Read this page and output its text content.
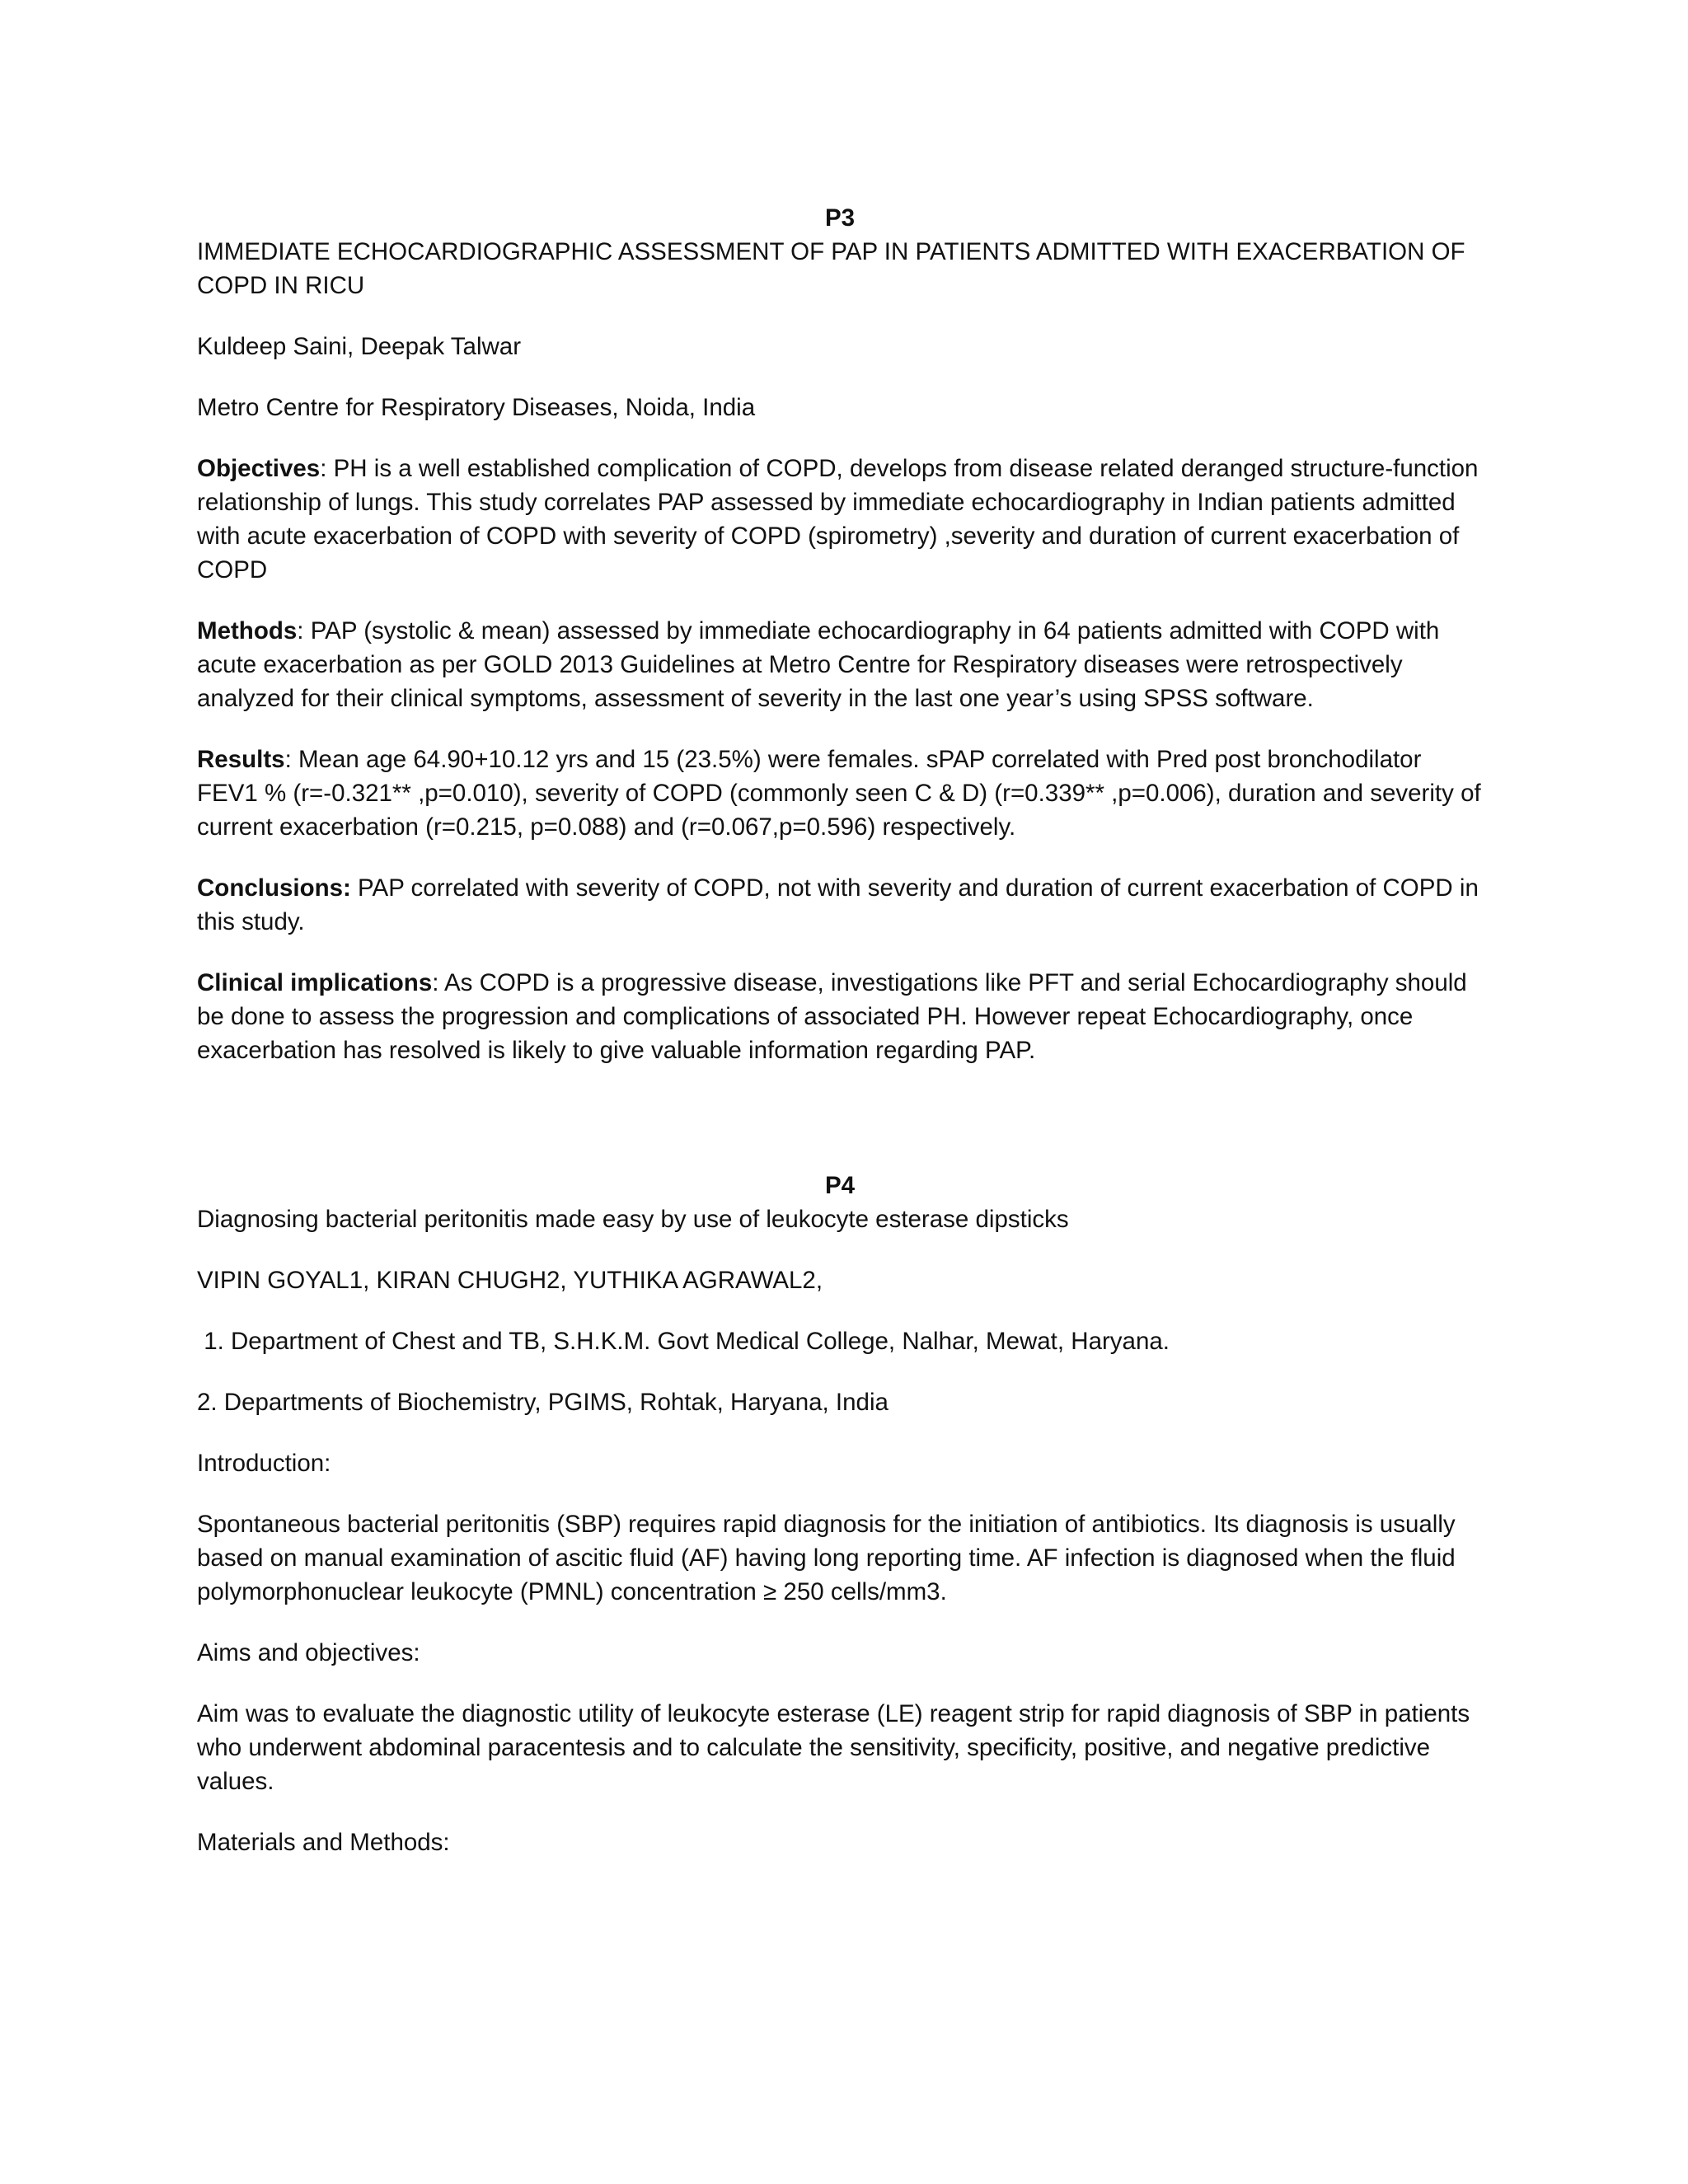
P3

IMMEDIATE ECHOCARDIOGRAPHIC ASSESSMENT OF PAP IN PATIENTS ADMITTED WITH EXACERBATION OF COPD IN RICU

Kuldeep Saini, Deepak Talwar

Metro Centre for Respiratory Diseases, Noida, India

Objectives: PH is a well established complication of COPD, develops from disease related deranged structure-function relationship of lungs. This study correlates PAP assessed by immediate echocardiography in Indian patients admitted with acute exacerbation of COPD with severity of COPD (spirometry) ,severity and duration of current exacerbation of COPD

Methods: PAP (systolic & mean) assessed by immediate echocardiography in 64 patients admitted with COPD with acute exacerbation as per GOLD 2013 Guidelines at Metro Centre for Respiratory diseases were retrospectively analyzed for their clinical symptoms, assessment of severity in the last one year’s using SPSS software.

Results: Mean age 64.90+10.12 yrs and 15 (23.5%) were females. sPAP correlated with Pred post bronchodilator FEV1 % (r=-0.321** ,p=0.010), severity of COPD (commonly seen C & D) (r=0.339** ,p=0.006), duration and severity of current exacerbation (r=0.215, p=0.088) and (r=0.067,p=0.596) respectively.

Conclusions: PAP correlated with severity of COPD, not with severity and duration of current exacerbation of COPD in this study.

Clinical implications: As COPD is a progressive disease, investigations like PFT and serial Echocardiography should be done to assess the progression and complications of associated PH. However repeat Echocardiography, once exacerbation has resolved is likely to give valuable information regarding PAP.

P4

Diagnosing bacterial peritonitis made easy by use of leukocyte esterase dipsticks

VIPIN GOYAL1, KIRAN CHUGH2, YUTHIKA AGRAWAL2,

1. Department of Chest and TB, S.H.K.M. Govt Medical College, Nalhar, Mewat, Haryana.

2. Departments of Biochemistry, PGIMS, Rohtak, Haryana, India

Introduction:

Spontaneous bacterial peritonitis (SBP) requires rapid diagnosis for the initiation of antibiotics. Its diagnosis is usually based on manual examination of ascitic fluid (AF) having long reporting time. AF infection is diagnosed when the fluid polymorphonuclear leukocyte (PMNL) concentration ≥ 250 cells/mm3.

Aims and objectives:

Aim was to evaluate the diagnostic utility of leukocyte esterase (LE) reagent strip for rapid diagnosis of SBP in patients who underwent abdominal paracentesis and to calculate the sensitivity, specificity, positive, and negative predictive values.

Materials and Methods:
